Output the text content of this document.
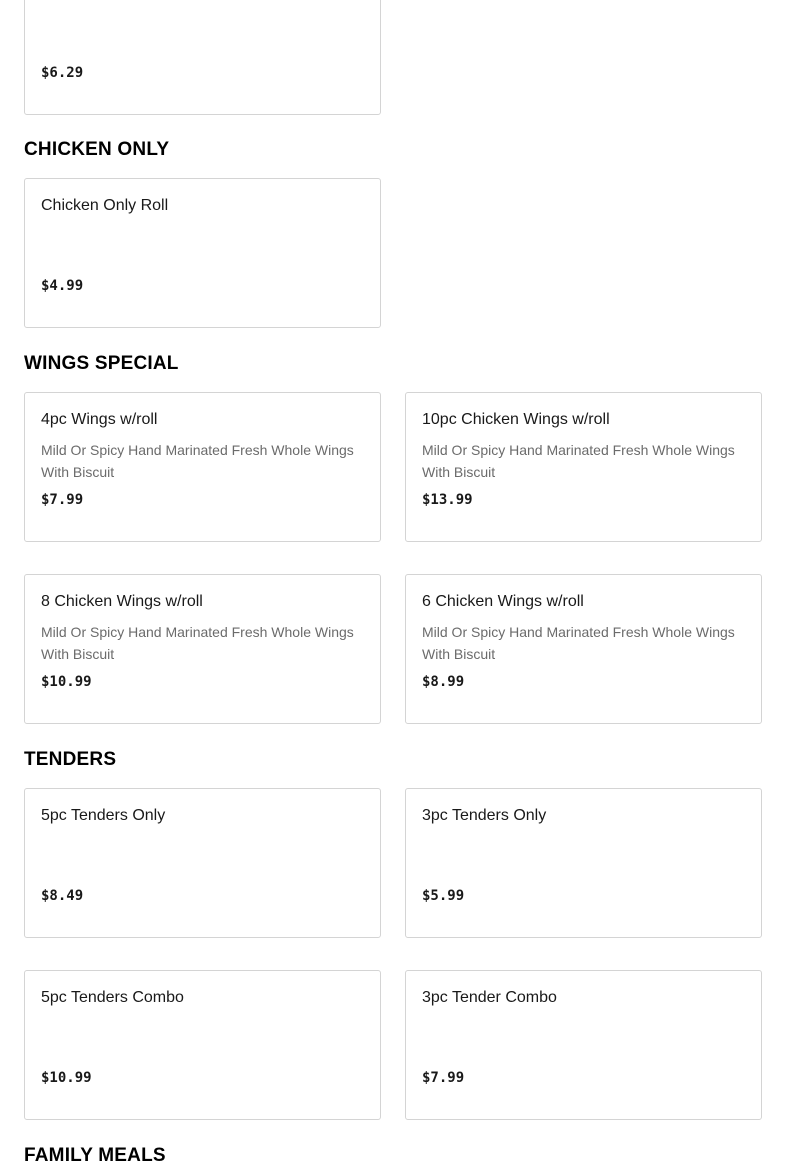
$6.29
CHICKEN ONLY
Chicken Only Roll
$4.99
WINGS SPECIAL
4pc Wings w/roll
Mild Or Spicy Hand Marinated Fresh Whole Wings With Biscuit
$7.99
10pc Chicken Wings w/roll
Mild Or Spicy Hand Marinated Fresh Whole Wings With Biscuit
$13.99
8 Chicken Wings w/roll
Mild Or Spicy Hand Marinated Fresh Whole Wings With Biscuit
$10.99
6 Chicken Wings w/roll
Mild Or Spicy Hand Marinated Fresh Whole Wings With Biscuit
$8.99
TENDERS
5pc Tenders Only
$8.49
3pc Tenders Only
$5.99
5pc Tenders Combo
$10.99
3pc Tender Combo
$7.99
FAMILY MEALS
